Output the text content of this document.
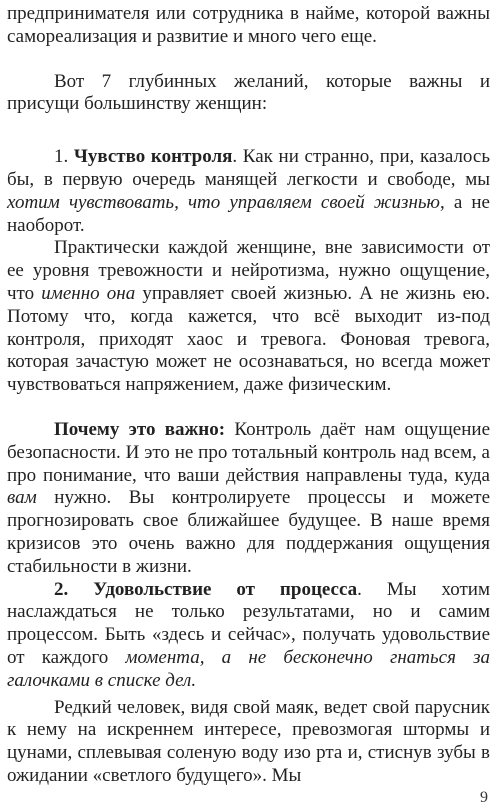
предпринимателя или сотрудника в найме, которой важны самореализация и развитие и много чего еще.

Вот 7 глубинных желаний, которые важны и присущи большинству женщин:

1. Чувство контроля. Как ни странно, при, казалось бы, в первую очередь манящей легкости и свободе, мы хотим чувствовать, что управляем своей жизнью, а не наоборот.

Практически каждой женщине, вне зависимости от ее уровня тревожности и нейротизма, нужно ощущение, что именно она управляет своей жизнью. А не жизнь ею. Потому что, когда кажется, что всё выходит из-под контроля, приходят хаос и тревога. Фоновая тревога, которая зачастую может не осознаваться, но всегда может чувствоваться напряжением, даже физическим.

Почему это важно: Контроль даёт нам ощущение безопасности. И это не про тотальный контроль над всем, а про понимание, что ваши действия направлены туда, куда вам нужно. Вы контролируете процессы и можете прогнозировать свое ближайшее будущее. В наше время кризисов это очень важно для поддержания ощущения стабильности в жизни.

2. Удовольствие от процесса. Мы хотим наслаждаться не только результатами, но и самим процессом. Быть «здесь и сейчас», получать удовольствие от каждого момента, а не бесконечно гнаться за галочками в списке дел.

Редкий человек, видя свой маяк, ведет свой парусник к нему на искреннем интересе, превозмогая штормы и цунами, сплевывая соленую воду изо рта и, стиснув зубы в ожидании «светлого будущего». Мы

9
